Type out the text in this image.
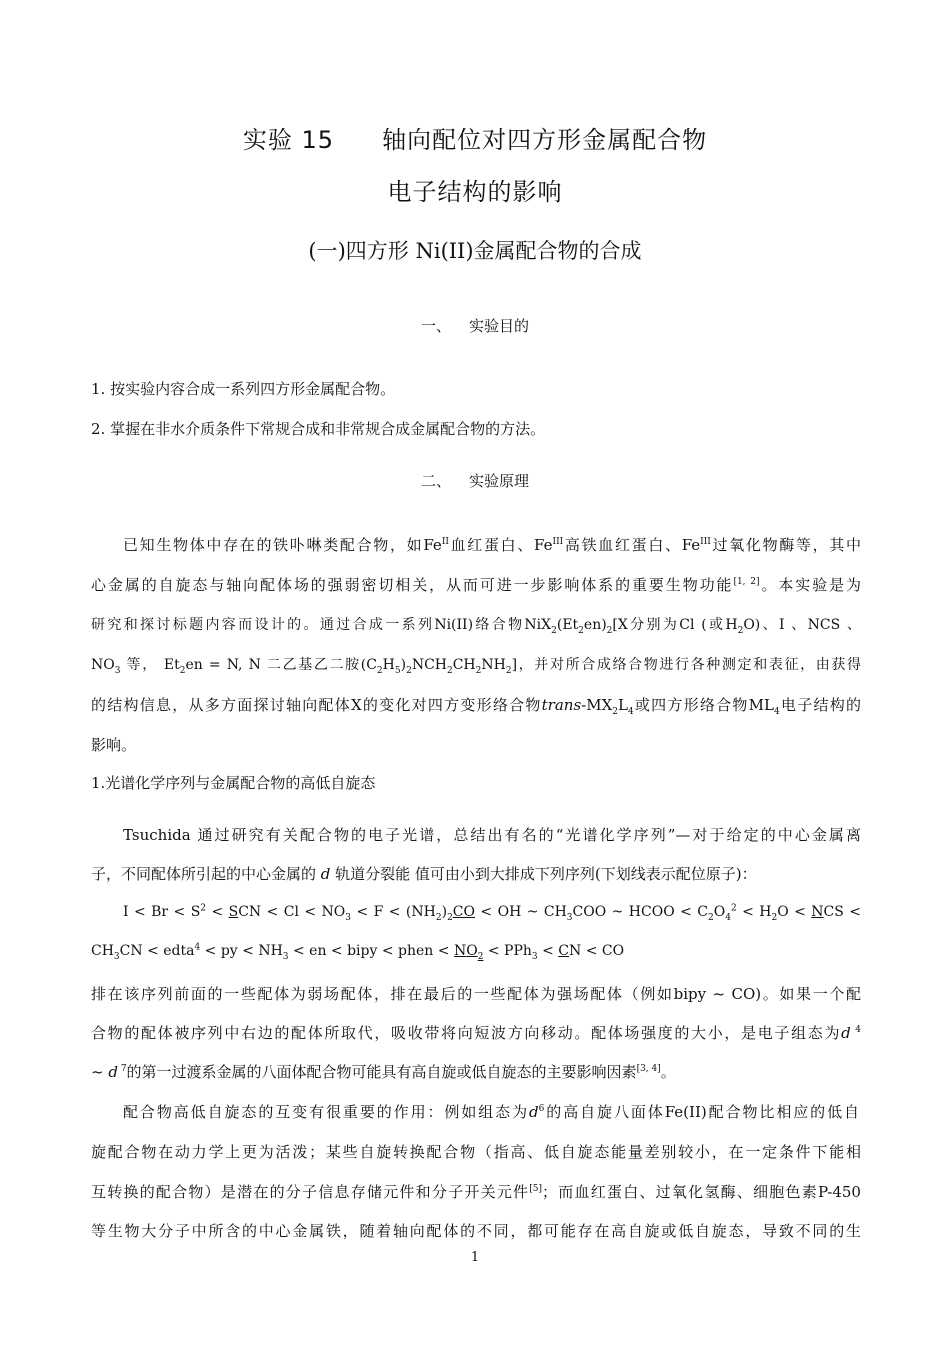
实验 15 轴向配位对四方形金属配合物
电子结构的影响
(一)四方形 Ni(II)金属配合物的合成
一、 实验目的
1. 按实验内容合成一系列四方形金属配合物。
2. 掌握在非水介质条件下常规合成和非常规合成金属配合物的方法。
二、 实验原理
已知生物体中存在的铁卟啉类配合物，如$Fe^{II}$血红蛋白、$Fe^{III}$高铁血红蛋白、$Fe^{III}$过氧化物酶等，其中
心金属的自旋态与轴向配体场的强弱密切相关，从而可进一步影响体系的重要生物功能[1, 2]。本实验是为
研究和探讨标题内容而设计的。通过合成一系列Ni(II)络合物$NiX_2(Et_2en)_2[X$分别为Cl (或$H_2O$)、I 、NCS 、
$NO_3$ 等， $Et_2en = N$, N 二乙基乙二胺$(C_2H_5)_2NCH_2CH_2NH_2$]，并对所合成络合物进行各种测定和表征，由获得
的结构信息，从多方面探讨轴向配体X的变化对四方变形络合物trans-$MX_2L_4$或四方形络合物$ML_4$电子结构的
影响。
1.光谱化学序列与金属配合物的高低自旋态
Tsuchida 通过研究有关配合物的电子光谱，总结出有名的“光谱化学序列”—对于给定的中心金属离
子，不同配体所引起的中心金属的 d 轨道分裂能 值可由小到大排成下列序列(下划线表示配位原子)：
$I < Br < S^2$ < SCN < $Cl < NO_3 < F < (NH_2)_2CO$ < OH ~ $CH_3COO$ ~ HCOO < $C_2O_4^2 < H_2O$ < NCS <
$CH_3CN$ < edta$^4$ < py < $NH_3$ < en < bipy < phen < $NO_2 < PPh_3$ < CN < CO
排在该序列前面的一些配体为弱场配体，排在最后的一些配体为强场配体（例如bipy ~ CO)。如果一个配
合物的配体被序列中右边的配体所取代，吸收带将向短波方向移动。配体场强度的大小，是电子组态为d $^4$
~ d $^7$的第一过渡系金属的八面体配合物可能具有高自旋或低自旋态的主要影响因素[3, 4]。
配合物高低自旋态的互变有很重要的作用：例如组态为$d^6$的高自旋八面体Fe(II)配合物比相应的低自
旋配合物在动力学上更为活泼；某些自旋转换配合物（指高、低自旋态能量差别较小，在一定条件下能相
互转换的配合物）是潜在的分子信息存储元件和分子开关元件[5]；而血红蛋白、过氧化氢酶、细胞色素P-450
等生物大分子中所含的中心金属铁，随着轴向配体的不同，都可能存在高自旋或低自旋态，导致不同的生
1
